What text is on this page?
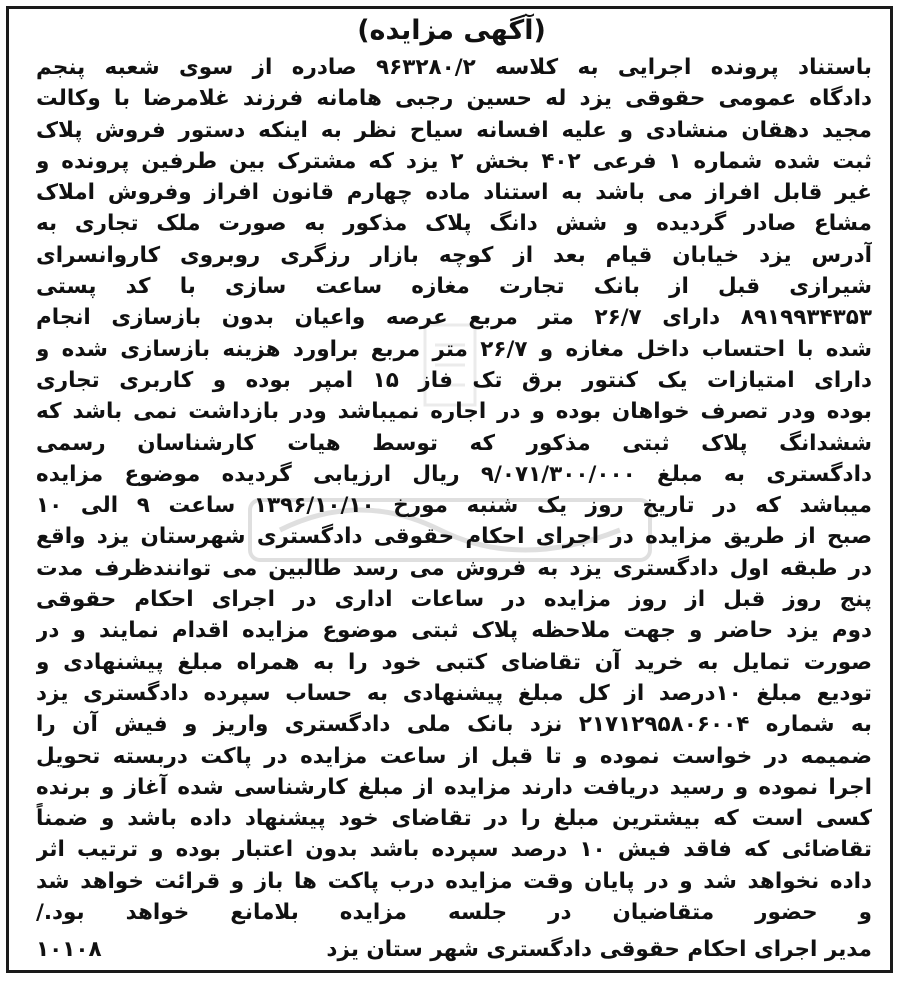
(آگهی مزایده)
باستناد پرونده اجرایی به کلاسه ۹۶۳۲۸۰/۲ صادره از سوی شعبه پنجم
دادگاه عمومی حقوقی یزد له حسین رجبی هامانه فرزند غلامرضا با وکالت
مجید دهقان منشادی و علیه افسانه سیاح نظر به اینکه دستور فروش پلاک
ثبت شده شماره ۱ فرعی ۴۰۲ بخش ۲ یزد که مشترک بین طرفین پرونده و
غیر قابل افراز می باشد به استناد ماده چهارم قانون افراز وفروش املاک
مشاع صادر گردیده و شش دانگ پلاک مذکور به صورت ملک تجاری به
آدرس یزد خیابان قیام بعد از کوچه بازار رزگری روبروی کاروانسرای
شیرازی قبل از بانک تجارت مغازه ساعت سازی با کد پستی
۸۹۱۹۹۳۴۳۵۳ دارای ۲۶/۷ متر مربع عرصه واعیان بدون بازسازی انجام
شده با احتساب داخل مغازه و ۲۶/۷ متر مربع براورد هزینه بازسازی شده و
دارای امتیازات یک کنتور برق تک فاز ۱۵ امپر بوده و کاربری تجاری
بوده ودر تصرف خواهان بوده و در اجاره نمیباشد ودر بازداشت نمی باشد که
ششدانگ پلاک ثبتی مذکور که توسط هیات کارشناسان رسمی
دادگستری به مبلغ ۹/۰۷۱/۳۰۰/۰۰۰ ریال ارزیابی گردیده موضوع مزایده
میباشد که در تاریخ روز یک شنبه مورخ ۱۳۹۶/۱۰/۱۰ ساعت ۹ الی ۱۰
صبح از طریق مزایده در اجرای احکام حقوقی دادگستری شهرستان یزد واقع
در طبقه اول دادگستری یزد به فروش می رسد طالبین می توانندظرف مدت
پنج روز قبل از روز مزایده در ساعات اداری در اجرای احکام حقوقی
دوم یزد حاضر و جهت ملاحظه پلاک ثبتی موضوع مزایده اقدام نمایند و در
صورت تمایل به خرید آن تقاضای کتبی خود را به همراه مبلغ پیشنهادی و
تودیع مبلغ ۱۰درصد از کل مبلغ پیشنهادی به حساب سپرده دادگستری یزد
به شماره ۲۱۷۱۲۹۵۸۰۶۰۰۴ نزد بانک ملی دادگستری واریز و فیش آن را
ضمیمه در خواست نموده و تا قبل از ساعت مزایده در پاکت دربسته تحویل
اجرا نموده و رسید دریافت دارند مزایده از مبلغ کارشناسی شده آغاز و برنده
کسی است که بیشترین مبلغ را در تقاضای خود پیشنهاد داده باشد و ضمناً
تقاضائی که فاقد فیش ۱۰ درصد سپرده باشد بدون اعتبار بوده و ترتیب اثر
داده نخواهد شد و در پایان وقت مزایده درب پاکت ها باز و قرائت خواهد شد
و حضور متقاضیان در جلسه مزایده بلامانع خواهد بود./
مدیر اجرای احکام حقوقی دادگستری شهر ستان یزد
۱۰۱۰۸
